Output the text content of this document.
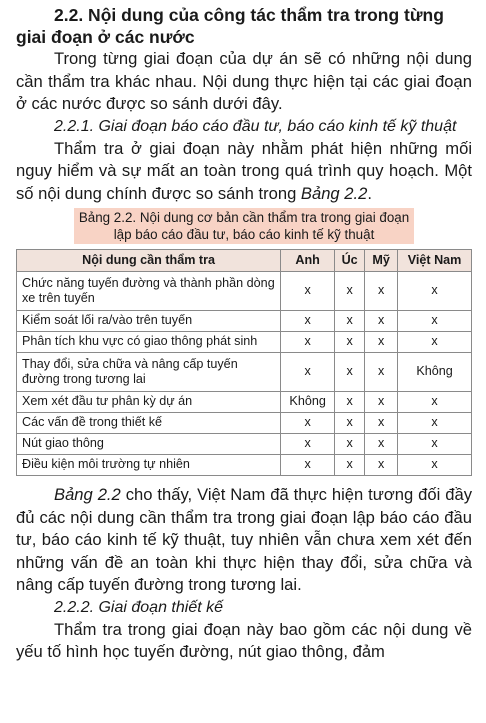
2.2. Nội dung của công tác thẩm tra trong từng giai đoạn ở các nước

Trong từng giai đoạn của dự án sẽ có những nội dung cần thẩm tra khác nhau. Nội dung thực hiện tại các giai đoạn ở các nước được so sánh dưới đây.

2.2.1. Giai đoạn báo cáo đầu tư, báo cáo kinh tế kỹ thuật

Thẩm tra ở giai đoạn này nhằm phát hiện những mối nguy hiểm và sự mất an toàn trong quá trình quy hoạch. Một số nội dung chính được so sánh trong Bảng 2.2.

Bảng 2.2. Nội dung cơ bản cần thẩm tra trong giai đoạn
lập báo cáo đầu tư, báo cáo kinh tế kỹ thuật
Nội dung cần thẩm tra	Anh	Úc	Mỹ	Việt Nam
Chức năng tuyến đường và thành phần dòng xe trên tuyến	x	x	x	x
Kiểm soát lối ra/vào trên tuyến	x	x	x	x
Phân tích khu vực có giao thông phát sinh	x	x	x	x
Thay đổi, sửa chữa và nâng cấp tuyến đường trong tương lai	x	x	x	Không
Xem xét đầu tư phân kỳ dự án	Không	x	x	x
Các vấn đề trong thiết kế	x	x	x	x
Nút giao thông	x	x	x	x
Điều kiện môi trường tự nhiên	x	x	x	x

Bảng 2.2 cho thấy, Việt Nam đã thực hiện tương đối đầy đủ các nội dung cần thẩm tra trong giai đoạn lập báo cáo đầu tư, báo cáo kinh tế kỹ thuật, tuy nhiên vẫn chưa xem xét đến những vấn đề an toàn khi thực hiện thay đổi, sửa chữa và nâng cấp tuyến đường trong tương lai.

2.2.2. Giai đoạn thiết kế

Thẩm tra trong giai đoạn này bao gồm các nội dung về yếu tố hình học tuyến đường, nút giao thông, đảm
